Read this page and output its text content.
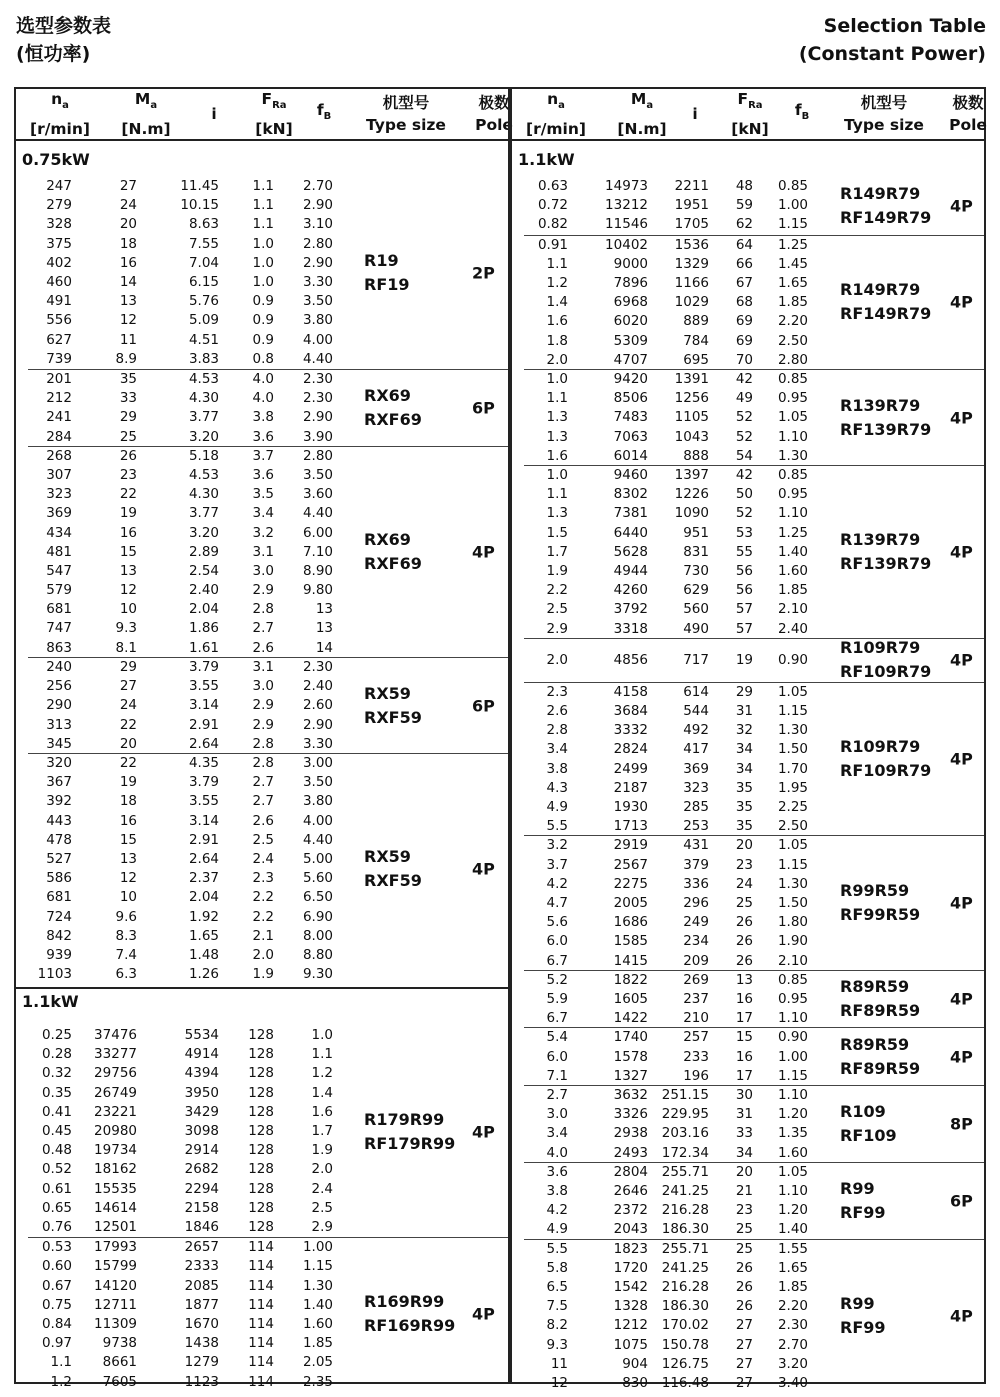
选型参数表
(恒功率)
Selection Table
(Constant Power)
$n_a$
[r/min]
$M_a$
[N.m]
i
$F_{Ra}$
[kN]
$f_B$
机型号
Type size
极数
Pole
0.75kW
247	27	11.45	1.1	2.70
279	24	10.15	1.1	2.90
328	20	8.63	1.1	3.10
375	18	7.55	1.0	2.80
402	16	7.04	1.0	2.90
460	14	6.15	1.0	3.30
491	13	5.76	0.9	3.50
556	12	5.09	0.9	3.80
627	11	4.51	0.9	4.00
739	8.9	3.83	0.8	4.40
R19
RF19
2P
201	35	4.53	4.0	2.30
212	33	4.30	4.0	2.30
241	29	3.77	3.8	2.90
284	25	3.20	3.6	3.90
RX69
RXF69
6P
268	26	5.18	3.7	2.80
307	23	4.53	3.6	3.50
323	22	4.30	3.5	3.60
369	19	3.77	3.4	4.40
434	16	3.20	3.2	6.00
481	15	2.89	3.1	7.10
547	13	2.54	3.0	8.90
579	12	2.40	2.9	9.80
681	10	2.04	2.8	13
747	9.3	1.86	2.7	13
863	8.1	1.61	2.6	14
RX69
RXF69
4P
240	29	3.79	3.1	2.30
256	27	3.55	3.0	2.40
290	24	3.14	2.9	2.60
313	22	2.91	2.9	2.90
345	20	2.64	2.8	3.30
RX59
RXF59
6P
320	22	4.35	2.8	3.00
367	19	3.79	2.7	3.50
392	18	3.55	2.7	3.80
443	16	3.14	2.6	4.00
478	15	2.91	2.5	4.40
527	13	2.64	2.4	5.00
586	12	2.37	2.3	5.60
681	10	2.04	2.2	6.50
724	9.6	1.92	2.2	6.90
842	8.3	1.65	2.1	8.00
939	7.4	1.48	2.0	8.80
1103	6.3	1.26	1.9	9.30
RX59
RXF59
4P
1.1kW
0.25	37476	5534	128	1.0
0.28	33277	4914	128	1.1
0.32	29756	4394	128	1.2
0.35	26749	3950	128	1.4
0.41	23221	3429	128	1.6
0.45	20980	3098	128	1.7
0.48	19734	2914	128	1.9
0.52	18162	2682	128	2.0
0.61	15535	2294	128	2.4
0.65	14614	2158	128	2.5
0.76	12501	1846	128	2.9
R179R99
RF179R99
4P
0.53	17993	2657	114	1.00
0.60	15799	2333	114	1.15
0.67	14120	2085	114	1.30
0.75	12711	1877	114	1.40
0.84	11309	1670	114	1.60
0.97	9738	1438	114	1.85
1.1	8661	1279	114	2.05
1.2	7605	1123	114	2.35
R169R99
RF169R99
4P
$n_a$
[r/min]
$M_a$
[N.m]
i
$F_{Ra}$
[kN]
$f_B$
机型号
Type size
极数
Pole
1.1kW
0.63	14973	2211	48	0.85
0.72	13212	1951	59	1.00
0.82	11546	1705	62	1.15
R149R79
RF149R79
4P
0.91	10402	1536	64	1.25
1.1	9000	1329	66	1.45
1.2	7896	1166	67	1.65
1.4	6968	1029	68	1.85
1.6	6020	889	69	2.20
1.8	5309	784	69	2.50
2.0	4707	695	70	2.80
R149R79
RF149R79
4P
1.0	9420	1391	42	0.85
1.1	8506	1256	49	0.95
1.3	7483	1105	52	1.05
1.3	7063	1043	52	1.10
1.6	6014	888	54	1.30
R139R79
RF139R79
4P
1.0	9460	1397	42	0.85
1.1	8302	1226	50	0.95
1.3	7381	1090	52	1.10
1.5	6440	951	53	1.25
1.7	5628	831	55	1.40
1.9	4944	730	56	1.60
2.2	4260	629	56	1.85
2.5	3792	560	57	2.10
2.9	3318	490	57	2.40
R139R79
RF139R79
4P
2.0	4856	717	19	0.90
R109R79
RF109R79
4P
2.3	4158	614	29	1.05
2.6	3684	544	31	1.15
2.8	3332	492	32	1.30
3.4	2824	417	34	1.50
3.8	2499	369	34	1.70
4.3	2187	323	35	1.95
4.9	1930	285	35	2.25
5.5	1713	253	35	2.50
R109R79
RF109R79
4P
3.2	2919	431	20	1.05
3.7	2567	379	23	1.15
4.2	2275	336	24	1.30
4.7	2005	296	25	1.50
5.6	1686	249	26	1.80
6.0	1585	234	26	1.90
6.7	1415	209	26	2.10
R99R59
RF99R59
4P
5.2	1822	269	13	0.85
5.9	1605	237	16	0.95
6.7	1422	210	17	1.10
R89R59
RF89R59
4P
5.4	1740	257	15	0.90
6.0	1578	233	16	1.00
7.1	1327	196	17	1.15
R89R59
RF89R59
4P
2.7	3632	251.15	30	1.10
3.0	3326	229.95	31	1.20
3.4	2938	203.16	33	1.35
4.0	2493	172.34	34	1.60
R109
RF109
8P
3.6	2804	255.71	20	1.05
3.8	2646	241.25	21	1.10
4.2	2372	216.28	23	1.20
4.9	2043	186.30	25	1.40
R99
RF99
6P
5.5	1823	255.71	25	1.55
5.8	1720	241.25	26	1.65
6.5	1542	216.28	26	1.85
7.5	1328	186.30	26	2.20
8.2	1212	170.02	27	2.30
9.3	1075	150.78	27	2.70
11	904	126.75	27	3.20
12	830	116.48	27	3.40
R99
RF99
4P
